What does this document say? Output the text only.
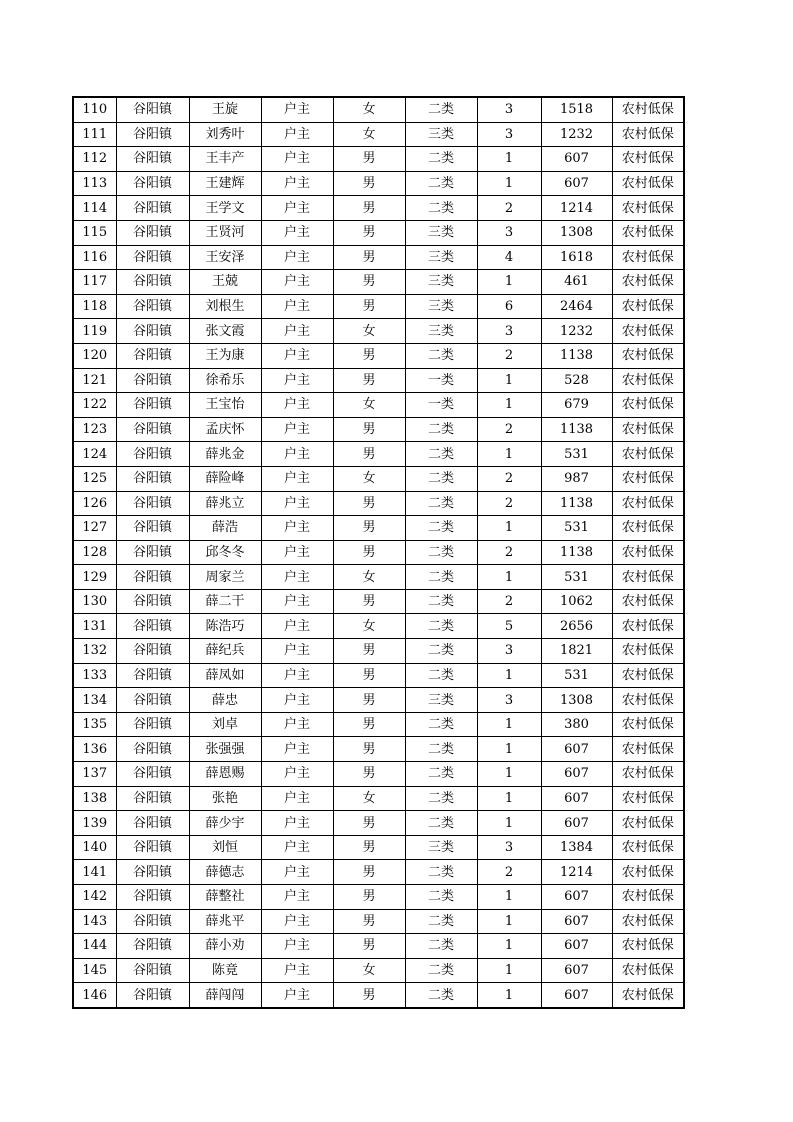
110	谷阳镇	王旋	户主	女	二类	3	1518	农村低保
111	谷阳镇	刘秀叶	户主	女	三类	3	1232	农村低保
112	谷阳镇	王丰产	户主	男	二类	1	607	农村低保
113	谷阳镇	王建辉	户主	男	二类	1	607	农村低保
114	谷阳镇	王学文	户主	男	二类	2	1214	农村低保
115	谷阳镇	王贤河	户主	男	三类	3	1308	农村低保
116	谷阳镇	王安泽	户主	男	三类	4	1618	农村低保
117	谷阳镇	王兢	户主	男	三类	1	461	农村低保
118	谷阳镇	刘根生	户主	男	三类	6	2464	农村低保
119	谷阳镇	张文霞	户主	女	三类	3	1232	农村低保
120	谷阳镇	王为康	户主	男	二类	2	1138	农村低保
121	谷阳镇	徐希乐	户主	男	一类	1	528	农村低保
122	谷阳镇	王宝怡	户主	女	一类	1	679	农村低保
123	谷阳镇	孟庆怀	户主	男	二类	2	1138	农村低保
124	谷阳镇	薛兆金	户主	男	二类	1	531	农村低保
125	谷阳镇	薛险峰	户主	女	二类	2	987	农村低保
126	谷阳镇	薛兆立	户主	男	二类	2	1138	农村低保
127	谷阳镇	薛浩	户主	男	二类	1	531	农村低保
128	谷阳镇	邱冬冬	户主	男	二类	2	1138	农村低保
129	谷阳镇	周家兰	户主	女	二类	1	531	农村低保
130	谷阳镇	薛二干	户主	男	二类	2	1062	农村低保
131	谷阳镇	陈浩巧	户主	女	二类	5	2656	农村低保
132	谷阳镇	薛纪兵	户主	男	二类	3	1821	农村低保
133	谷阳镇	薛凤如	户主	男	二类	1	531	农村低保
134	谷阳镇	薛忠	户主	男	三类	3	1308	农村低保
135	谷阳镇	刘卓	户主	男	二类	1	380	农村低保
136	谷阳镇	张强强	户主	男	二类	1	607	农村低保
137	谷阳镇	薛恩赐	户主	男	二类	1	607	农村低保
138	谷阳镇	张艳	户主	女	二类	1	607	农村低保
139	谷阳镇	薛少宇	户主	男	二类	1	607	农村低保
140	谷阳镇	刘恒	户主	男	三类	3	1384	农村低保
141	谷阳镇	薛德志	户主	男	二类	2	1214	农村低保
142	谷阳镇	薛整社	户主	男	二类	1	607	农村低保
143	谷阳镇	薛兆平	户主	男	二类	1	607	农村低保
144	谷阳镇	薛小劝	户主	男	二类	1	607	农村低保
145	谷阳镇	陈竟	户主	女	二类	1	607	农村低保
146	谷阳镇	薛闯闯	户主	男	二类	1	607	农村低保
